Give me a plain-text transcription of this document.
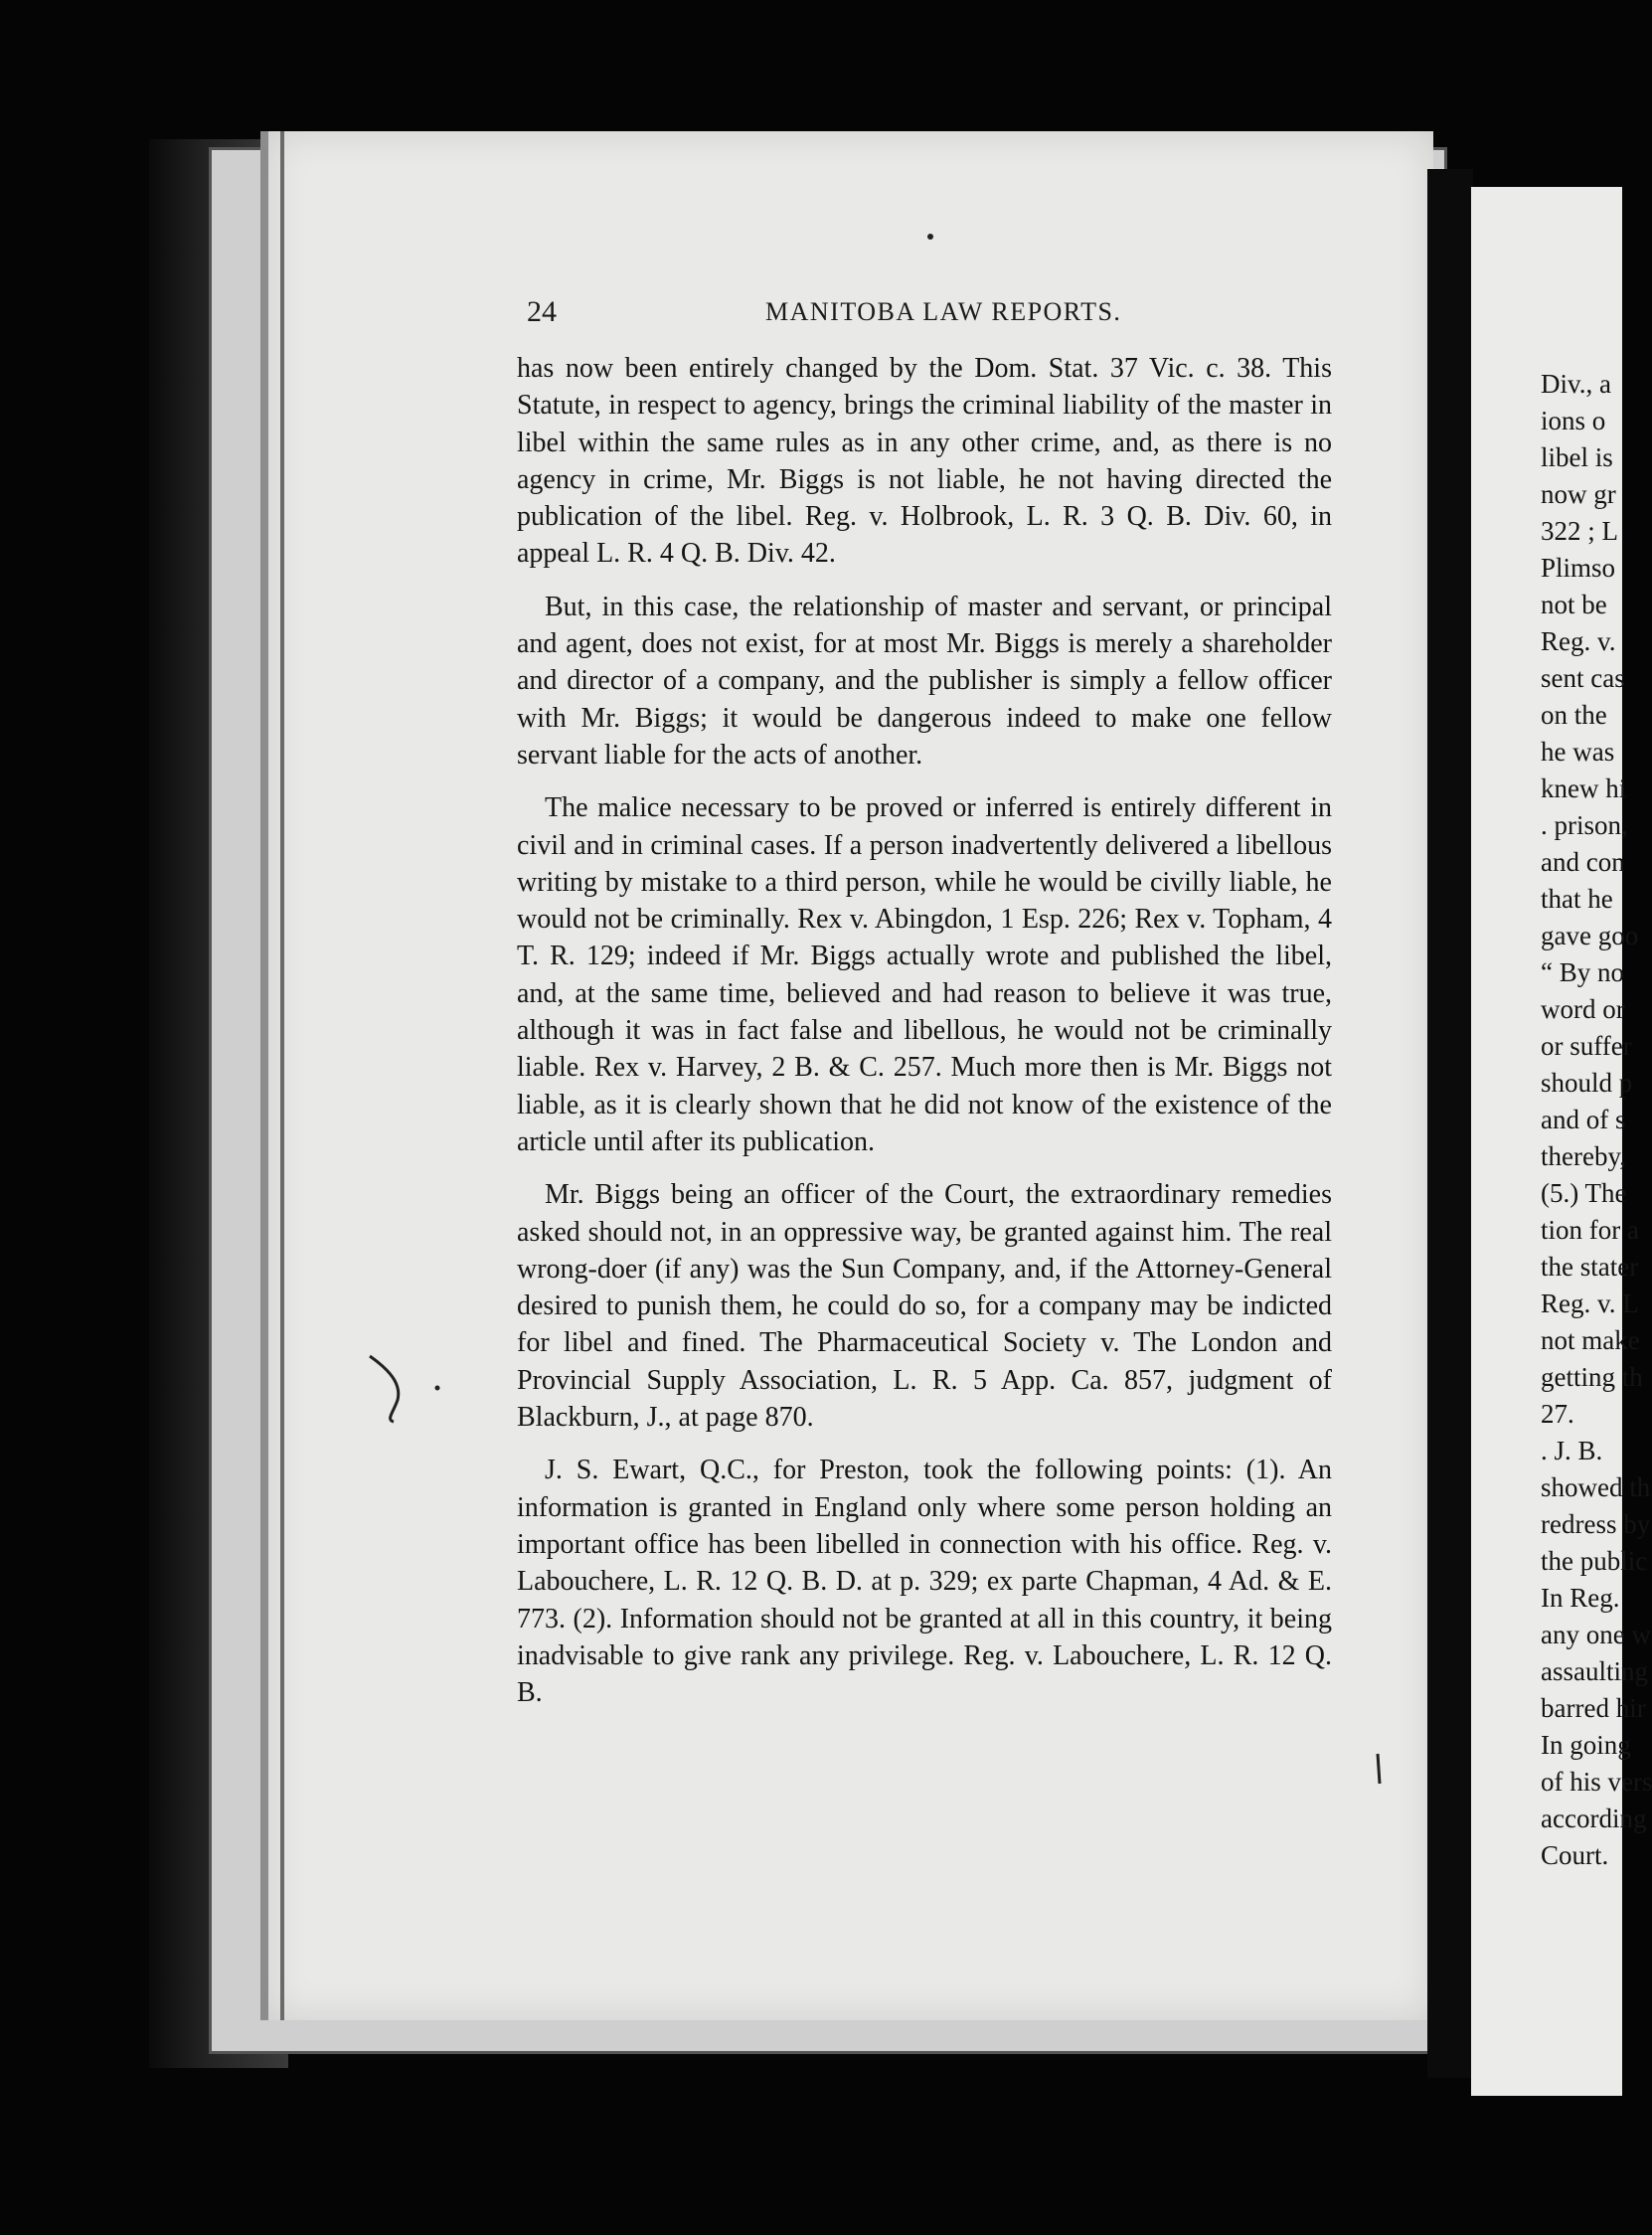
Div., a

ions o

libel is

now gr

322 ; L

Plimso

not be

Reg. v.

sent cas

on the

he was

knew hi

. prison,

and con

that he

gave goo

“ By no

word or

or suffer

should p

and of s

thereby,

(5.) The

tion for a

the stater

Reg. v. L

not make

getting th

27.

. J. B.

showed th

redress by

the public

In Reg.

any one w

assaulting

barred hir

In going

of his vers

according

Court.

24	MANITOBA LAW REPORTS.

has now been entirely changed by the Dom. Stat. 37 Vic. c. 38. This Statute, in respect to agency, brings the criminal liability of the master in libel within the same rules as in any other crime, and, as there is no agency in crime, Mr. Biggs is not liable, he not having directed the publication of the libel. Reg. v. Holbrook, L. R. 3 Q. B. Div. 60, in appeal L. R. 4 Q. B. Div. 42.

But, in this case, the relationship of master and servant, or principal and agent, does not exist, for at most Mr. Biggs is merely a shareholder and director of a company, and the publisher is simply a fellow officer with Mr. Biggs; it would be dangerous indeed to make one fellow servant liable for the acts of another.

The malice necessary to be proved or inferred is entirely different in civil and in criminal cases. If a person inadvertently delivered a libellous writing by mistake to a third person, while he would be civilly liable, he would not be criminally. Rex v. Abingdon, 1 Esp. 226; Rex v. Topham, 4 T. R. 129; indeed if Mr. Biggs actually wrote and published the libel, and, at the same time, believed and had reason to believe it was true, although it was in fact false and libellous, he would not be criminally liable. Rex v. Harvey, 2 B. & C. 257. Much more then is Mr. Biggs not liable, as it is clearly shown that he did not know of the existence of the article until after its publication.

Mr. Biggs being an officer of the Court, the extraordinary remedies asked should not, in an oppressive way, be granted against him. The real wrong-doer (if any) was the Sun Company, and, if the Attorney-General desired to punish them, he could do so, for a company may be indicted for libel and fined. The Pharmaceutical Society v. The London and Provincial Supply Association, L. R. 5 App. Ca. 857, judgment of Blackburn, J., at page 870.

J. S. Ewart, Q.C., for Preston, took the following points: (1). An information is granted in England only where some person holding an important office has been libelled in connection with his office. Reg. v. Labouchere, L. R. 12 Q. B. D. at p. 329; ex parte Chapman, 4 Ad. & E. 773. (2). Information should not be granted at all in this country, it being inadvisable to give rank any privilege. Reg. v. Labouchere, L. R. 12 Q. B.
